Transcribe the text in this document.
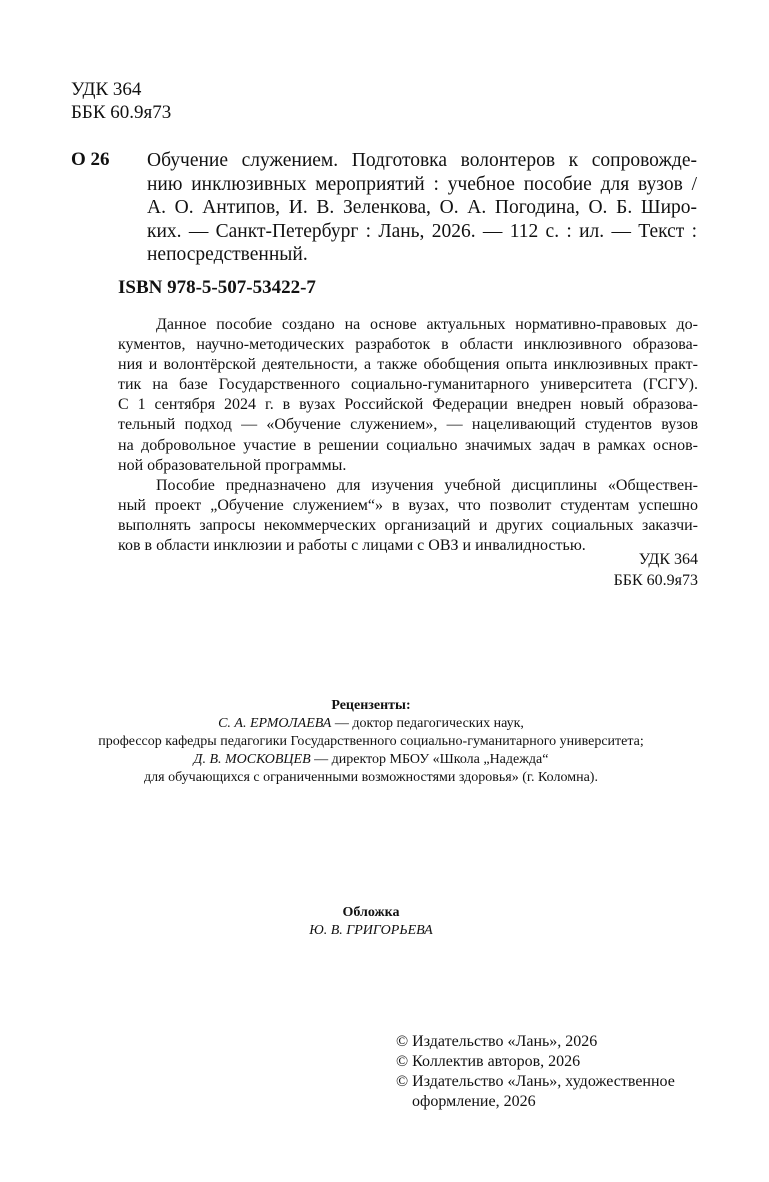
УДК 364
ББК 60.9я73
О 26 Обучение служением. Подготовка волонтеров к сопровожде-
нию инклюзивных мероприятий : учебное пособие для вузов /
А. О. Антипов, И. В. Зеленкова, О. А. Погодина, О. Б. Широ-
ких. — Санкт-Петербург : Лань, 2026. — 112 с. : ил. — Текст :
непосредственный.
ISBN 978-5-507-53422-7
Данное пособие создано на основе актуальных нормативно-правовых до-
кументов, научно-методических разработок в области инклюзивного образова-
ния и волонтёрской деятельности, а также обобщения опыта инклюзивных практ-
тик на базе Государственного социально-гуманитарного университета (ГСГУ).
С 1 сентября 2024 г. в вузах Российской Федерации внедрен новый образова-
тельный подход — «Обучение служением», — нацеливающий студентов вузов
на добровольное участие в решении социально значимых задач в рамках основ-
ной образовательной программы.
Пособие предназначено для изучения учебной дисциплины «Обществен-
ный проект „Обучение служением“» в вузах, что позволит студентам успешно
выполнять запросы некоммерческих организаций и других социальных заказчи-
ков в области инклюзии и работы с лицами с ОВЗ и инвалидностью.
УДК 364
ББК 60.9я73
Рецензенты:
С. А. ЕРМОЛАЕВА — доктор педагогических наук,
профессор кафедры педагогики Государственного социально-гуманитарного университета;
Д. В. МОСКОВЦЕВ — директор МБОУ «Школа „Надежда“
для обучающихся с ограниченными возможностями здоровья» (г. Коломна).
Обложка
Ю. В. ГРИГОРЬЕВА
© Издательство «Лань», 2026
© Коллектив авторов, 2026
© Издательство «Лань», художественное
оформление, 2026
